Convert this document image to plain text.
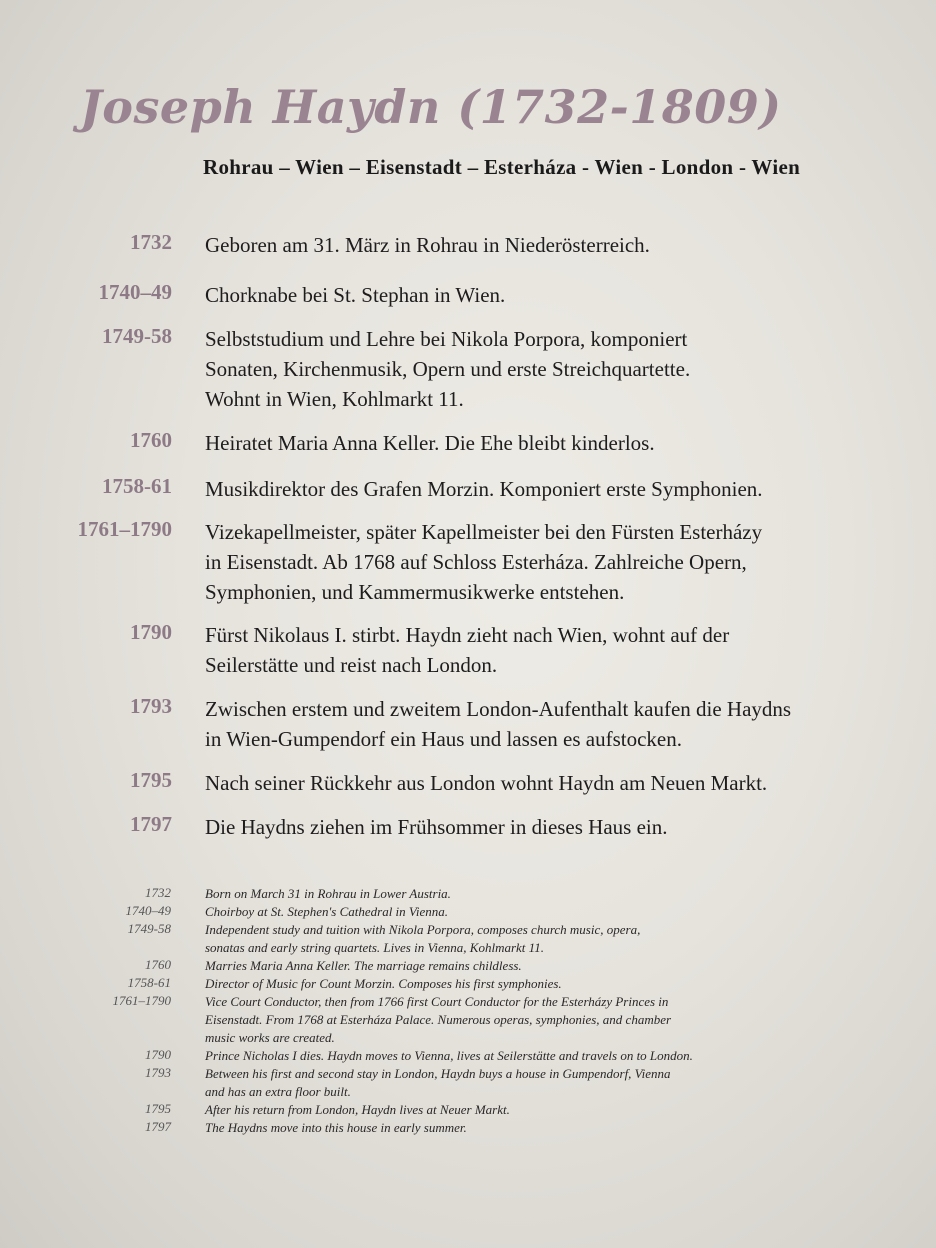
Joseph Haydn (1732-1809)
Rohrau – Wien – Eisenstadt – Esterháza - Wien - London - Wien
1732 Geboren am 31. März in Rohrau in Niederösterreich.

1740–49 Chorknabe bei St. Stephan in Wien.

1749-58 Selbststudium und Lehre bei Nikola Porpora, komponiert
Sonaten, Kirchenmusik, Opern und erste Streichquartette.
Wohnt in Wien, Kohlmarkt 11.

1760 Heiratet Maria Anna Keller. Die Ehe bleibt kinderlos.

1758-61 Musikdirektor des Grafen Morzin. Komponiert erste Symphonien.

1761–1790 Vizekapellmeister, später Kapellmeister bei den Fürsten Esterházy
in Eisenstadt. Ab 1768 auf Schloss Esterháza. Zahlreiche Opern,
Symphonien, und Kammermusikwerke entstehen.

1790 Fürst Nikolaus I. stirbt. Haydn zieht nach Wien, wohnt auf der
Seilerstätte und reist nach London.

1793 Zwischen erstem und zweitem London-Aufenthalt kaufen die Haydns
in Wien-Gumpendorf ein Haus und lassen es aufstocken.

1795 Nach seiner Rückkehr aus London wohnt Haydn am Neuen Markt.

1797 Die Haydns ziehen im Frühsommer in dieses Haus ein.

1732	Born on March 31 in Rohrau in Lower Austria.

1740–49	Choirboy at St. Stephen's Cathedral in Vienna.

1749-58	Independent study and tuition with Nikola Porpora, composes church music, opera,
sonatas and early string quartets. Lives in Vienna, Kohlmarkt 11.

1760	Marries Maria Anna Keller. The marriage remains childless.

1758-61	Director of Music for Count Morzin. Composes his first symphonies.

1761–1790	Vice Court Conductor, then from 1766 first Court Conductor for the Esterházy Princes in
Eisenstadt. From 1768 at Esterháza Palace. Numerous operas, symphonies, and chamber
music works are created.

1790	Prince Nicholas I dies. Haydn moves to Vienna, lives at Seilerstätte and travels on to London.

1793	Between his first and second stay in London, Haydn buys a house in Gumpendorf, Vienna
and has an extra floor built.

1795	After his return from London, Haydn lives at Neuer Markt.

1797	The Haydns move into this house in early summer.
